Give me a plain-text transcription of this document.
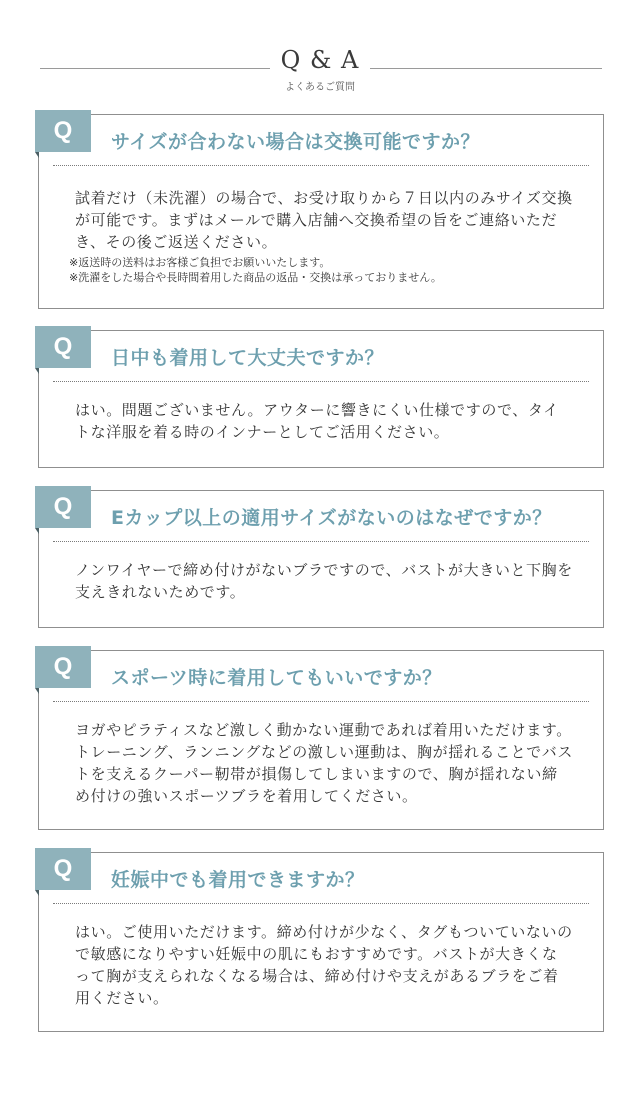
Q & A
よくあるご質問
Q	サイズが合わない場合は交換可能ですか？
試着だけ（未洗濯）の場合で、お受け取りから７日以内のみサイズ交換が可能です。まずはメールで購入店舗へ交換希望の旨をご連絡いただき、その後ご返送ください。
※返送時の送料はお客様ご負担でお願いいたします。
※洗濯をした場合や長時間着用した商品の返品・交換は承っておりません。
Q	日中も着用して大丈夫ですか？
はい。問題ございません。アウターに響きにくい仕様ですので、タイトな洋服を着る時のインナーとしてご活用ください。
Q	Eカップ以上の適用サイズがないのはなぜですか？
ノンワイヤーで締め付けがないブラですので、バストが大きいと下胸を支えきれないためです。
Q	スポーツ時に着用してもいいですか？
ヨガやピラティスなど激しく動かない運動であれば着用いただけます。トレーニング、ランニングなどの激しい運動は、胸が揺れることでバストを支えるクーパー靭帯が損傷してしまいますので、胸が揺れない締め付けの強いスポーツブラを着用してください。
Q	妊娠中でも着用できますか？
はい。ご使用いただけます。締め付けが少なく、タグもついていないので敏感になりやすい妊娠中の肌にもおすすめです。バストが大きくなって胸が支えられなくなる場合は、締め付けや支えがあるブラをご着用ください。
